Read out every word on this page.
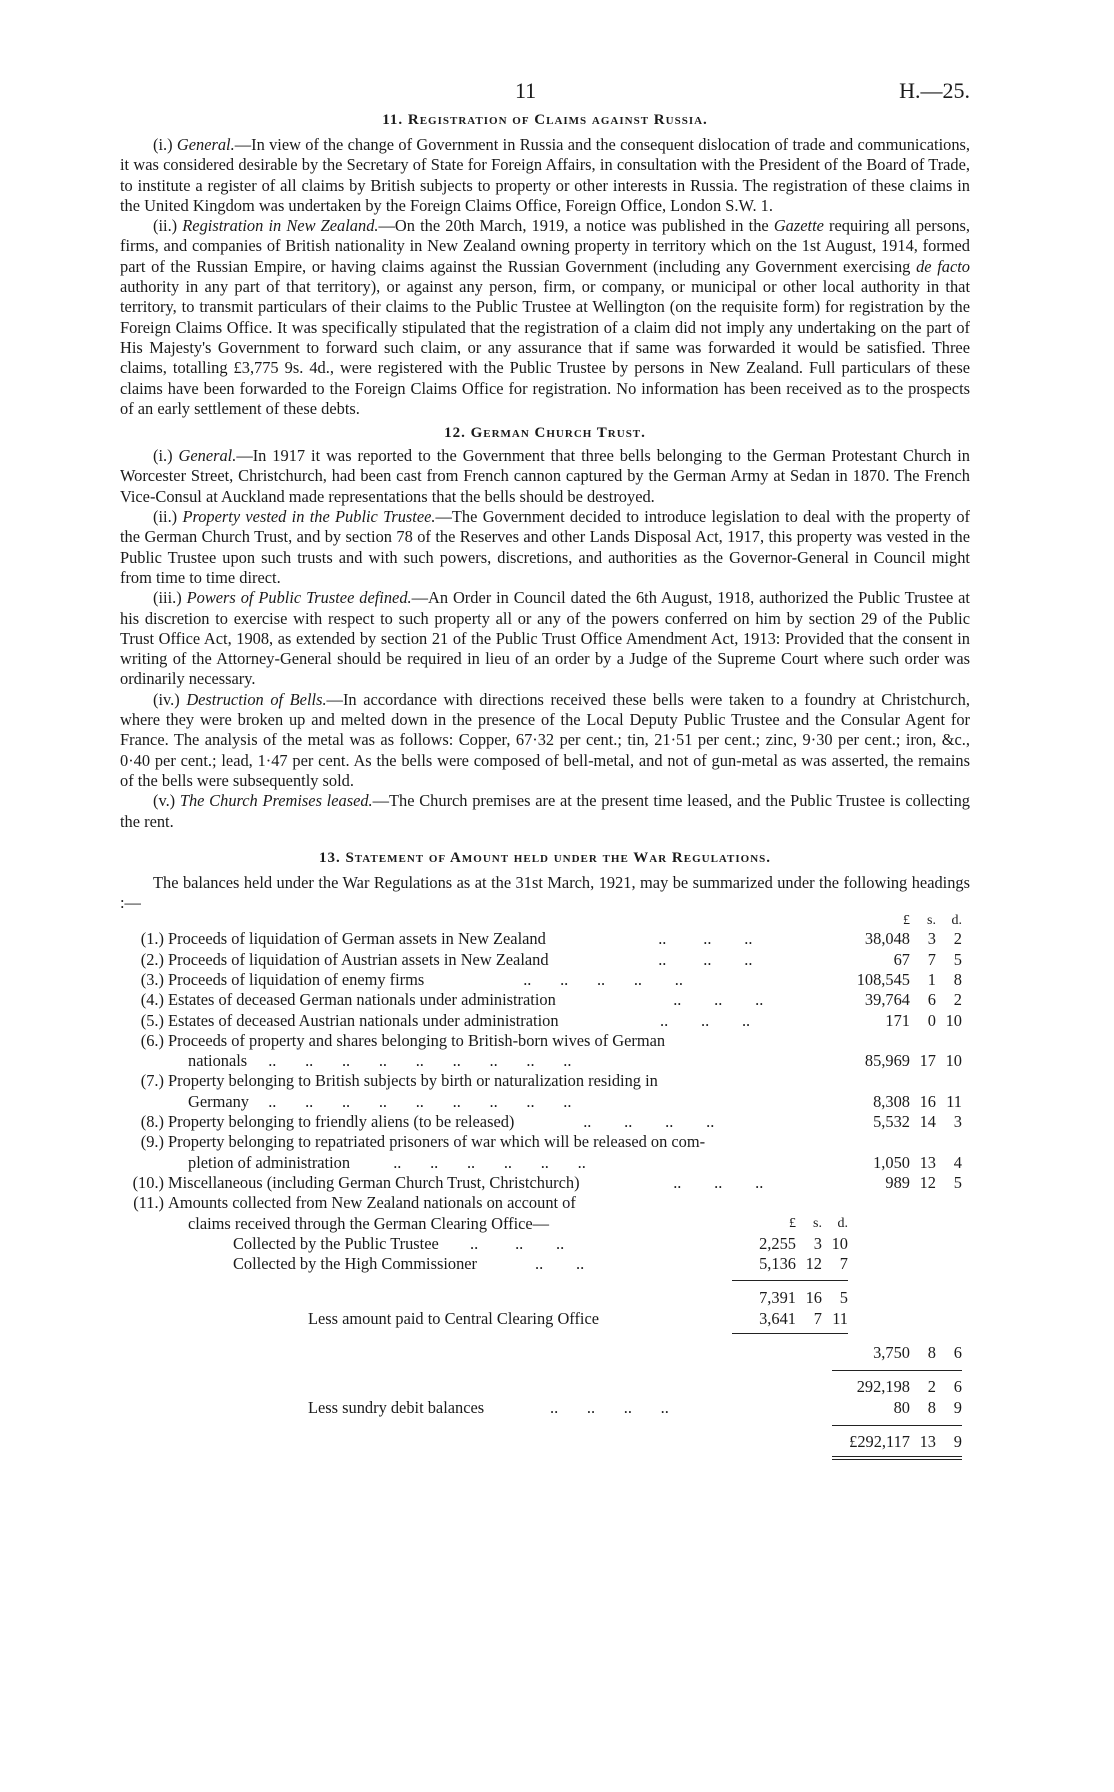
11	H.—25.
11. Registration of Claims against Russia.

(i.) General.—In view of the change of Government in Russia and the consequent dislocation of trade and communications, it was considered desirable by the Secretary of State for Foreign Affairs, in consultation with the President of the Board of Trade, to institute a register of all claims by British subjects to property or other interests in Russia. The registration of these claims in the United Kingdom was undertaken by the Foreign Claims Office, Foreign Office, London S.W. 1.

(ii.) Registration in New Zealand.—On the 20th March, 1919, a notice was published in the Gazette requiring all persons, firms, and companies of British nationality in New Zealand owning property in territory which on the 1st August, 1914, formed part of the Russian Empire, or having claims against the Russian Government (including any Government exercising de facto authority in any part of that territory), or against any person, firm, or company, or municipal or other local authority in that territory, to transmit particulars of their claims to the Public Trustee at Wellington (on the requisite form) for registration by the Foreign Claims Office. It was specifically stipulated that the registration of a claim did not imply any undertaking on the part of His Majesty's Government to forward such claim, or any assurance that if same was forwarded it would be satisfied. Three claims, totalling £3,775 9s. 4d., were registered with the Public Trustee by persons in New Zealand. Full particulars of these claims have been forwarded to the Foreign Claims Office for registration. No information has been received as to the prospects of an early settlement of these debts.

12. German Church Trust.

(i.) General.—In 1917 it was reported to the Government that three bells belonging to the German Protestant Church in Worcester Street, Christchurch, had been cast from French cannon captured by the German Army at Sedan in 1870. The French Vice-Consul at Auckland made representations that the bells should be destroyed.

(ii.) Property vested in the Public Trustee.—The Government decided to introduce legislation to deal with the property of the German Church Trust, and by section 78 of the Reserves and other Lands Disposal Act, 1917, this property was vested in the Public Trustee upon such trusts and with such powers, discretions, and authorities as the Governor-General in Council might from time to time direct.

(iii.) Powers of Public Trustee defined.—An Order in Council dated the 6th August, 1918, authorized the Public Trustee at his discretion to exercise with respect to such property all or any of the powers conferred on him by section 29 of the Public Trust Office Act, 1908, as extended by section 21 of the Public Trust Office Amendment Act, 1913: Provided that the consent in writing of the Attorney-General should be required in lieu of an order by a Judge of the Supreme Court where such order was ordinarily necessary.

(iv.) Destruction of Bells.—In accordance with directions received these bells were taken to a foundry at Christchurch, where they were broken up and melted down in the presence of the Local Deputy Public Trustee and the Consular Agent for France. The analysis of the metal was as follows: Copper, 67·32 per cent.; tin, 21·51 per cent.; zinc, 9·30 per cent.; iron, &c., 0·40 per cent.; lead, 1·47 per cent. As the bells were composed of bell-metal, and not of gun-metal as was asserted, the remains of the bells were subsequently sold.

(v.) The Church Premises leased.—The Church premises are at the present time leased, and the Public Trustee is collecting the rent.

13. Statement of Amount held under the War Regulations.

The balances held under the War Regulations as at the 31st March, 1921, may be summarized under the following headings :—

£ s. d.
(1.) Proceeds of liquidation of German assets in New Zealand	..         ..        ..	38,048 3 2
(2.) Proceeds of liquidation of Austrian assets in New Zealand	..         ..        ..	67 7 5
(3.) Proceeds of liquidation of enemy firms	..       ..       ..       ..        ..	108,545 1 8
(4.) Estates of deceased German nationals under administration	..        ..        ..	39,764 6 2
(5.) Estates of deceased Austrian nationals under administration	..        ..        ..	171 0 10
(6.) Proceeds of property and shares belonging to British-born wives of German
nationals ..       ..       ..       ..       ..       ..       ..       ..       ..	85,969 17 10
(7.) Property belonging to British subjects by birth or naturalization residing in
Germany ..       ..       ..       ..       ..       ..       ..       ..       ..	8,308 16 11
(8.) Property belonging to friendly aliens (to be released)	..        ..        ..        ..	5,532 14 3
(9.) Property belonging to repatriated prisoners of war which will be released on com-
pletion of administration ..       ..       ..       ..       ..       ..	1,050 13 4
(10.) Miscellaneous (including German Church Trust, Christchurch)	..        ..        ..	989 12 5
(11.) Amounts collected from New Zealand nationals on account of
claims received through the German Clearing Office—	£ s. d.
Collected by the Public Trustee ..         ..        ..	2,255 3 10
Collected by the High Commissioner	..        ..	5,136 12 7
7,391 16 5
Less amount paid to Central Clearing Office	3,641 7 11
3,750 8 6
292,198 2 6
Less sundry debit balances	..       ..       ..       ..	80 8 9
£292,117 13 9
